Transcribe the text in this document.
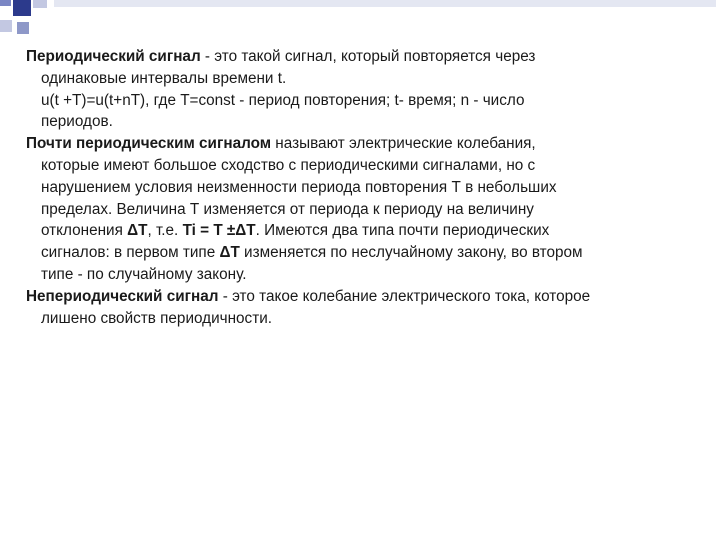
Периодический сигнал - это такой сигнал, который повторяется через
одинаковые интервалы времени t.
u(t +T)=u(t+nT), где T=const - период повторения; t- время; n - число
периодов.
Почти периодическим сигналом называют электрические колебания,
которые имеют большое сходство с периодическими сигналами, но с
нарушением условия неизменности периода повторения Т в небольших
пределах. Величина Т изменяется от периода к периоду на величину
отклонения ΔТ, т.е. Ti = T ±ΔT. Имеются два типа почти периодических
сигналов: в первом типе ΔТ изменяется по неслучайному закону, во втором
типе - по случайному закону.
Непериодический сигнал - это такое колебание электрического тока, которое
лишено свойств периодичности.
